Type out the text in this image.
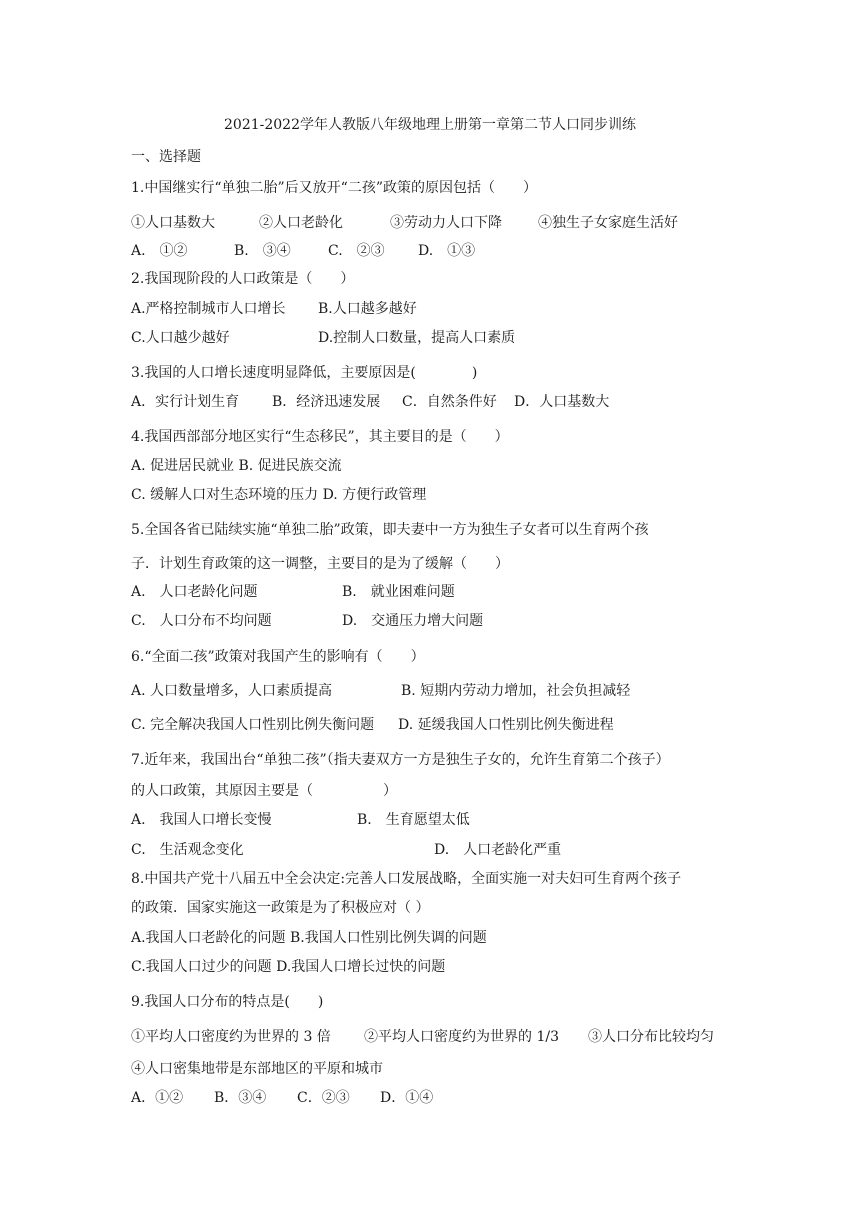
2021-2022学年人教版八年级地理上册第一章第二节人口同步训练
一、选择题
1.中国继实行“单独二胎”后又放开“二孩”政策的原因包括（　　）
①人口基数大	②人口老龄化	③劳动力人口下降	④独生子女家庭生活好
A.　①②	B.　③④	C.　②③ D.　①③
2.我国现阶段的人口政策是（　　）
A.严格控制城市人口增长 B.人口越多越好
C.人口越少越好	D.控制人口数量，提高人口素质
3.我国的人口增长速度明显降低，主要原因是(　　　　)
A．实行计划生育 B．经济迅速发展 C．自然条件好 D．人口基数大
4.我国西部部分地区实行“生态移民”，其主要目的是（　　）
A. 促进居民就业 B. 促进民族交流
C. 缓解人口对生态环境的压力 D. 方便行政管理
5.全国各省已陆续实施“单独二胎”政策，即夫妻中一方为独生子女者可以生育两个孩
子．计划生育政策的这一调整，主要目的是为了缓解（　　）
A.　人口老龄化问题	B.　就业困难问题
C.　人口分布不均问题	D.　交通压力增大问题
6.“全面二孩”政策对我国产生的影响有（　　）
A. 人口数量增多，人口素质提高	B. 短期内劳动力增加，社会负担减轻
C. 完全解决我国人口性别比例失衡问题 D. 延缓我国人口性别比例失衡进程
7.近年来，我国出台“单独二孩”（指夫妻双方一方是独生子女的，允许生育第二个孩子）
的人口政策，其原因主要是（　　　　　）
A.　我国人口增长变慢	B.　生育愿望太低
C.　生活观念变化	D.　人口老龄化严重
8.中国共产党十八届五中全会决定:完善人口发展战略，全面实施一对夫妇可生育两个孩子
的政策．国家实施这一政策是为了积极应对（ ）
A.我国人口老龄化的问题 B.我国人口性别比例失调的问题
C.我国人口过少的问题 D.我国人口增长过快的问题
9.我国人口分布的特点是(　　)
①平均人口密度约为世界的 3 倍 ②平均人口密度约为世界的 1/3 ③人口分布比较均匀
④人口密集地带是东部地区的平原和城市
A．①② B．③④ C．②③ D．①④
